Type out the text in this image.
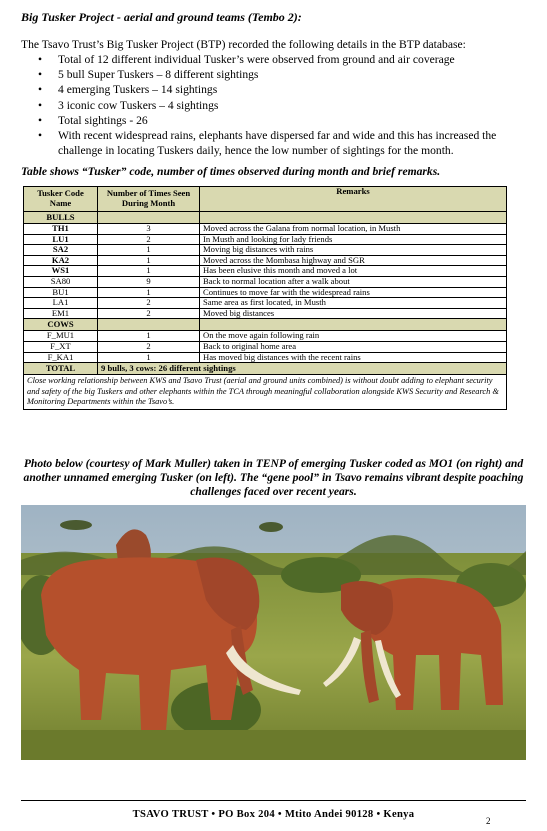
Big Tusker Project - aerial and ground teams (Tembo 2):
The Tsavo Trust’s Big Tusker Project (BTP) recorded the following details in the BTP database:
• Total of 12 different individual Tusker’s were observed from ground and air coverage
• 5 bull Super Tuskers – 8 different sightings
• 4 emerging Tuskers – 14 sightings
• 3 iconic cow Tuskers – 4 sightings
• Total sightings - 26
• With recent widespread rains, elephants have dispersed far and wide and this has increased the challenge in locating Tuskers daily, hence the low number of sightings for the month.
Table shows “Tusker” code, number of times observed during month and brief remarks.
Tusker Code Name	Number of Times Seen During Month	Remarks
BULLS		
TH1	3	Moved across the Galana from normal location, in Musth
LU1	2	In Musth and looking for lady friends
SA2	1	Moving big distances with rains
KA2	1	Moved across the Mombasa highway and SGR
WS1	1	Has been elusive this month and moved a lot
SA80	9	Back to normal location after a walk about
BU1	1	Continues to move far with the widespread rains
LA1	2	Same area as first located, in Musth
EM1	2	Moved big distances
COWS		
F_MU1	1	On the move again following rain
F_XT	2	Back to original home area
F_KA1	1	Has moved big distances with the recent rains
TOTAL	9 bulls, 3 cows: 26 different sightings	
Close working relationship between KWS and Tsavo Trust (aerial and ground units combined) is without doubt adding to elephant security and safety of the big Tuskers and other elephants within the TCA through meaningful collaboration alongside KWS Security and Research & Monitoring Departments within the Tsavo’s.		
Photo below (courtesy of Mark Muller) taken in TENP of emerging Tusker coded as MO1 (on right) and another unnamed emerging Tusker (on left). The “gene pool” in Tsavo remains vibrant despite poaching challenges faced over recent years.
TSAVO TRUST • PO Box 204 • Mtito Andei 90128 • Kenya
2
